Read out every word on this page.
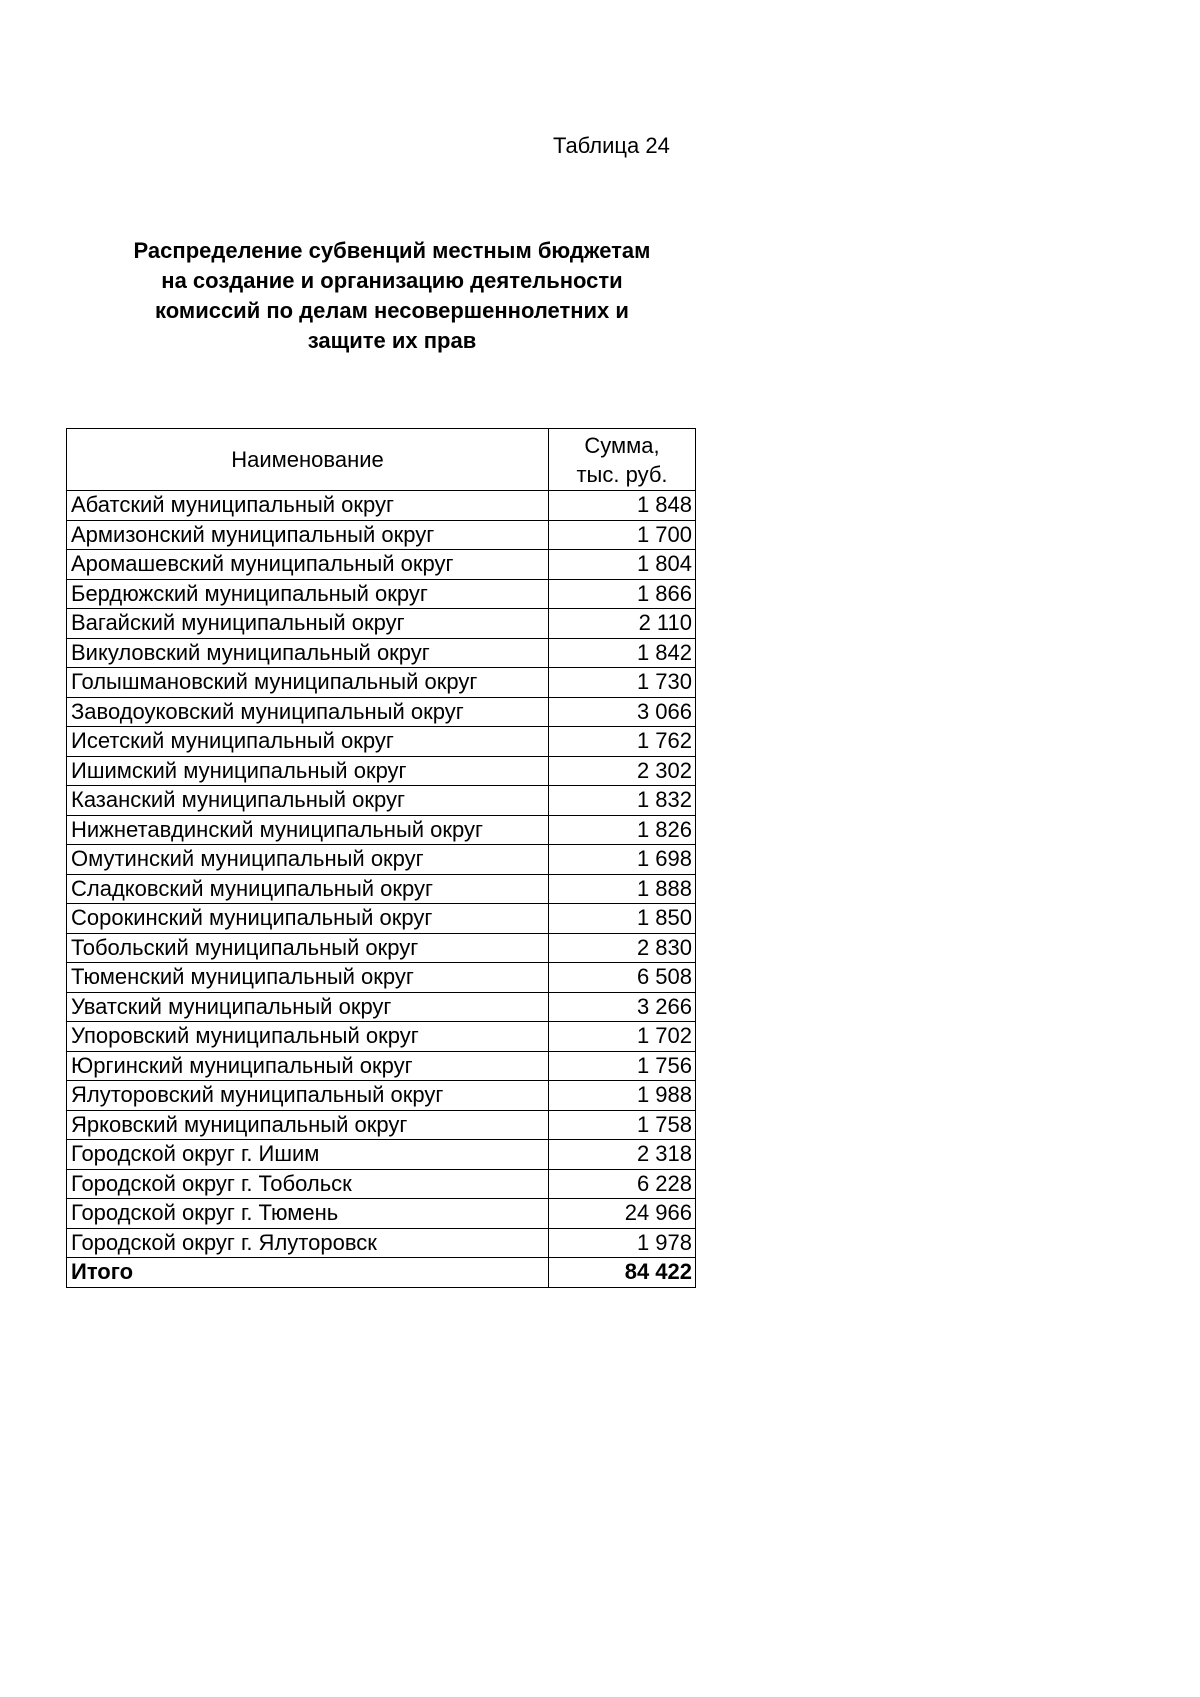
Таблица 24
Распределение субвенций местным бюджетам
на создание и организацию деятельности
комиссий по делам несовершеннолетних и
защите их прав
Наименование	Сумма,
тыс. руб.

Абатский муниципальный округ	1 848
Армизонский муниципальный округ	1 700
Аромашевский муниципальный округ	1 804
Бердюжский муниципальный округ	1 866
Вагайский муниципальный округ	2 110
Викуловский муниципальный округ	1 842
Голышмановский муниципальный округ	1 730
Заводоуковский муниципальный округ	3 066
Исетский муниципальный округ	1 762
Ишимский муниципальный округ	2 302
Казанский муниципальный округ	1 832
Нижнетавдинский муниципальный округ	1 826
Омутинский муниципальный округ	1 698
Сладковский муниципальный округ	1 888
Сорокинский муниципальный округ	1 850
Тобольский муниципальный округ	2 830
Тюменский муниципальный округ	6 508
Уватский муниципальный округ	3 266
Упоровский муниципальный округ	1 702
Юргинский муниципальный округ	1 756
Ялуторовский муниципальный округ	1 988
Ярковский муниципальный округ	1 758
Городской округ г. Ишим	2 318
Городской округ г. Тобольск	6 228
Городской округ г. Тюмень	24 966
Городской округ г. Ялуторовск	1 978
Итого	84 422
